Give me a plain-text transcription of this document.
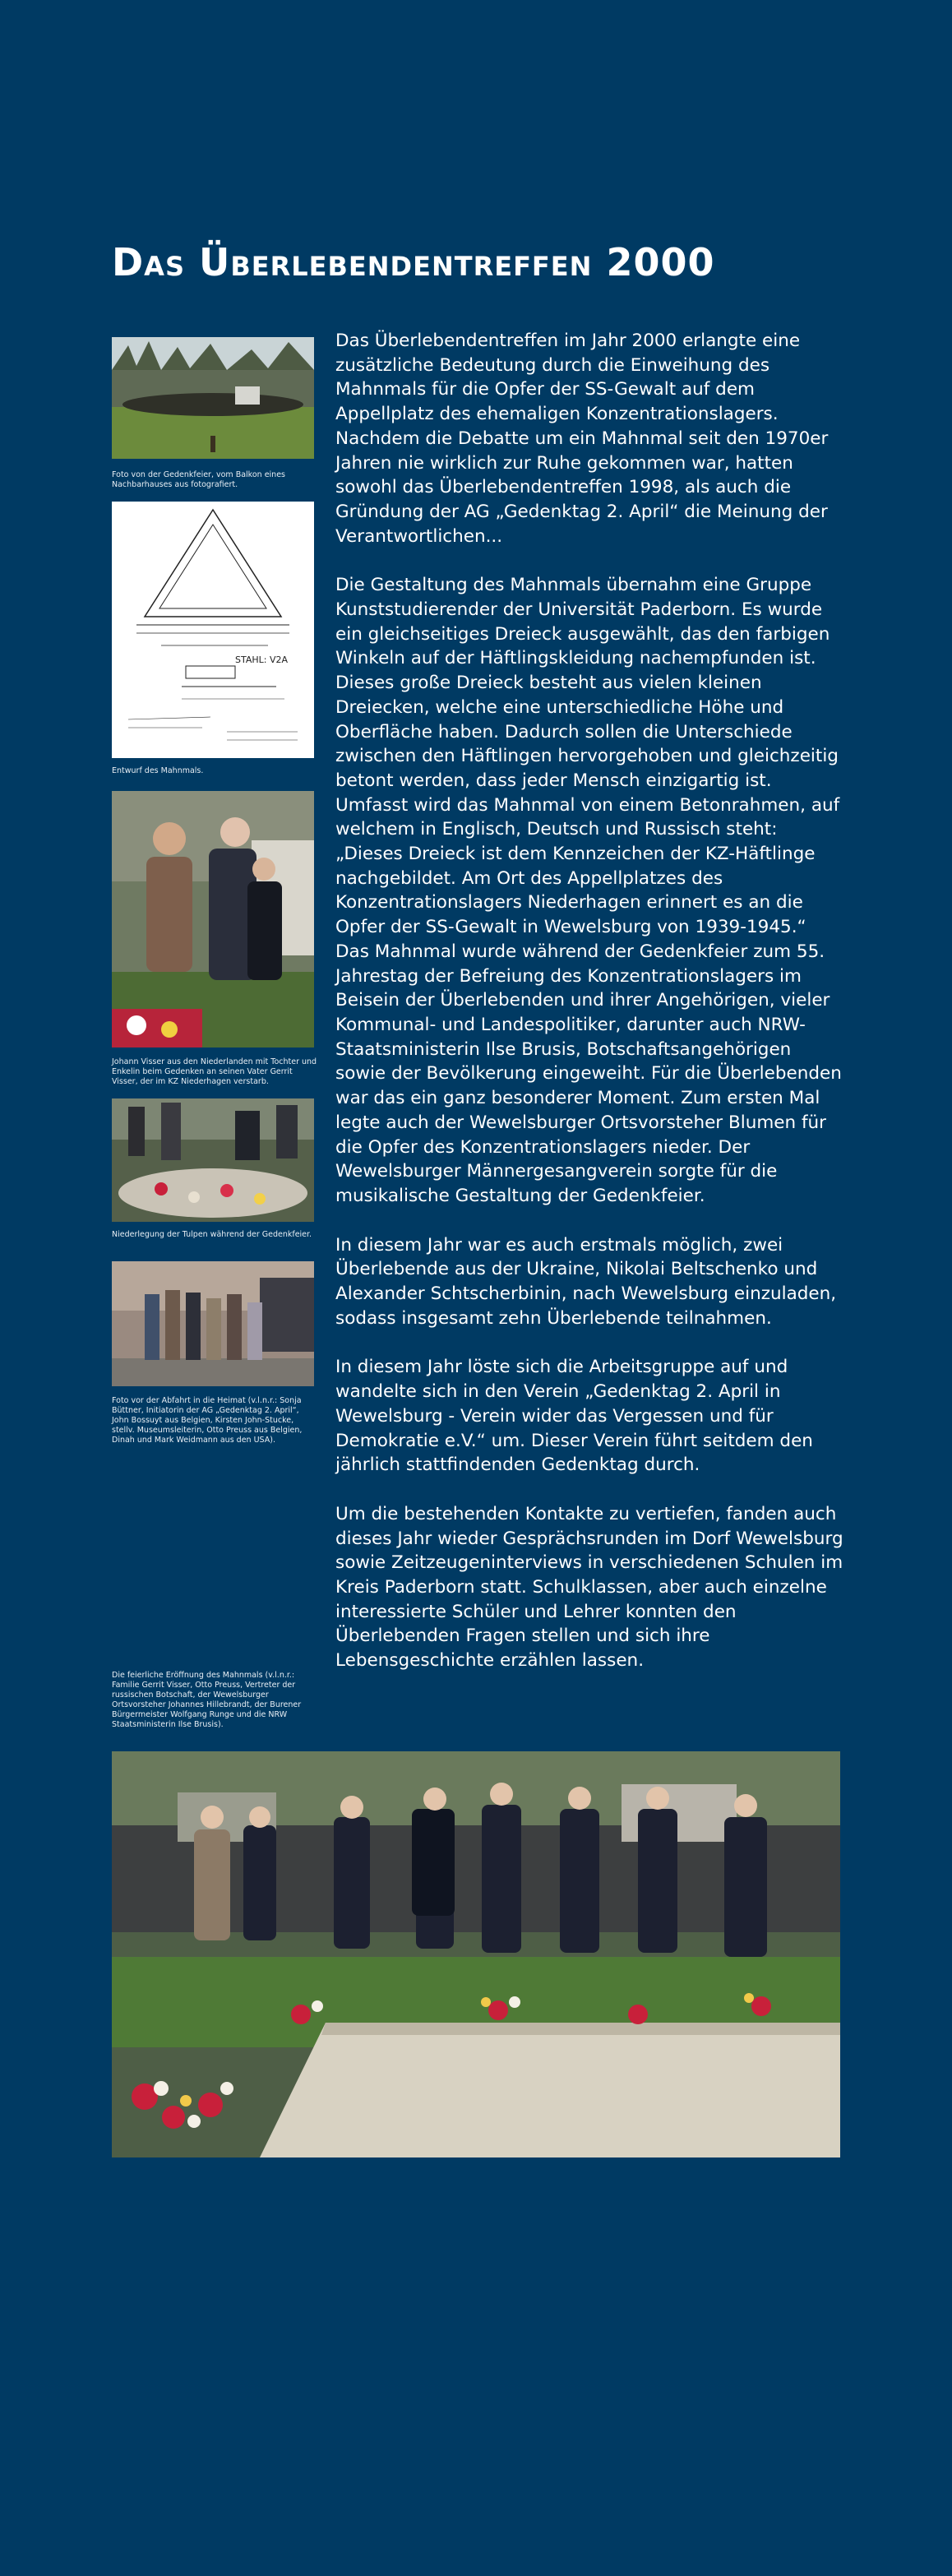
Das Überlebendentreffen 2000
Foto von der Gedenkfeier, vom Balkon eines Nachbarhauses aus fotografiert.
STAHL: V2A
Entwurf des Mahnmals.
Johann Visser aus den Niederlanden mit Tochter und Enkelin beim Gedenken an seinen Vater Gerrit Visser, der im KZ Niederhagen verstarb.
Niederlegung der Tulpen während der Gedenkfeier.
Foto vor der Abfahrt in die Heimat (v.l.n.r.: Sonja Büttner, Initiatorin der AG „Gedenktag 2. April“, John Bossuyt aus Belgien, Kirsten John-Stucke, stellv. Museumsleiterin, Otto Preuss aus Belgien, Dinah und Mark Weidmann aus den USA).
Die feierliche Eröffnung des Mahnmals (v.l.n.r.: Familie Gerrit Visser, Otto Preuss, Vertreter der russischen Botschaft, der Wewelsburger Ortsvorsteher Johannes Hillebrandt, der Burener Bürgermeister Wolfgang Runge und die NRW Staatsministerin Ilse Brusis).

Das Überlebendentreffen im Jahr 2000 erlangte eine zusätzliche Bedeutung durch die Einweihung des Mahnmals für die Opfer der SS-Gewalt auf dem Appellplatz des ehemaligen Konzentrationslagers. Nachdem die Debatte um ein Mahnmal seit den 1970er Jahren nie wirklich zur Ruhe gekommen war, hatten sowohl das Überlebendentreffen 1998, als auch die Gründung der AG „Gedenktag 2. April“ die Meinung der Verantwortlichen...

Die Gestaltung des Mahnmals übernahm eine Gruppe Kunststudierender der Universität Paderborn. Es wurde ein gleichseitiges Dreieck ausgewählt, das den farbigen Winkeln auf der Häftlingskleidung nachempfunden ist. Dieses große Dreieck besteht aus vielen kleinen Dreiecken, welche eine unterschiedliche Höhe und Oberfläche haben. Dadurch sollen die Unterschiede zwischen den Häftlingen hervorgehoben und gleichzeitig betont werden, dass jeder Mensch einzigartig ist. Umfasst wird das Mahnmal von einem Betonrahmen, auf welchem in Englisch, Deutsch und Russisch steht: „Dieses Dreieck ist dem Kennzeichen der KZ-Häftlinge nachgebildet. Am Ort des Appellplatzes des Konzentrationslagers Niederhagen erinnert es an die Opfer der SS-Gewalt in Wewelsburg von 1939-1945.“ Das Mahnmal wurde während der Gedenkfeier zum 55. Jahrestag der Befreiung des Konzentrationslagers im Beisein der Überlebenden und ihrer Angehörigen, vieler Kommunal- und Landespolitiker, darunter auch NRW-Staatsministerin Ilse Brusis, Botschaftsangehörigen sowie der Bevölkerung eingeweiht. Für die Überlebenden war das ein ganz besonderer Moment. Zum ersten Mal legte auch der Wewelsburger Ortsvorsteher Blumen für die Opfer des Konzentrationslagers nieder. Der Wewelsburger Männergesangverein sorgte für die musikalische Gestaltung der Gedenkfeier.

In diesem Jahr war es auch erstmals möglich, zwei Überlebende aus der Ukraine, Nikolai Beltschenko und Alexander Schtscherbinin, nach Wewelsburg einzuladen, sodass insgesamt zehn Überlebende teilnahmen.

In diesem Jahr löste sich die Arbeitsgruppe auf und wandelte sich in den Verein „Gedenktag 2. April in Wewelsburg - Verein wider das Vergessen und für Demokratie e.V.“ um. Dieser Verein führt seitdem den jährlich stattfindenden Gedenktag durch.

Um die bestehenden Kontakte zu vertiefen, fanden auch dieses Jahr wieder Gesprächsrunden im Dorf Wewelsburg sowie Zeitzeugeninterviews in verschiedenen Schulen im Kreis Paderborn statt. Schulklassen, aber auch einzelne interessierte Schüler und Lehrer konnten den Überlebenden Fragen stellen und sich ihre Lebensgeschichte erzählen lassen.
